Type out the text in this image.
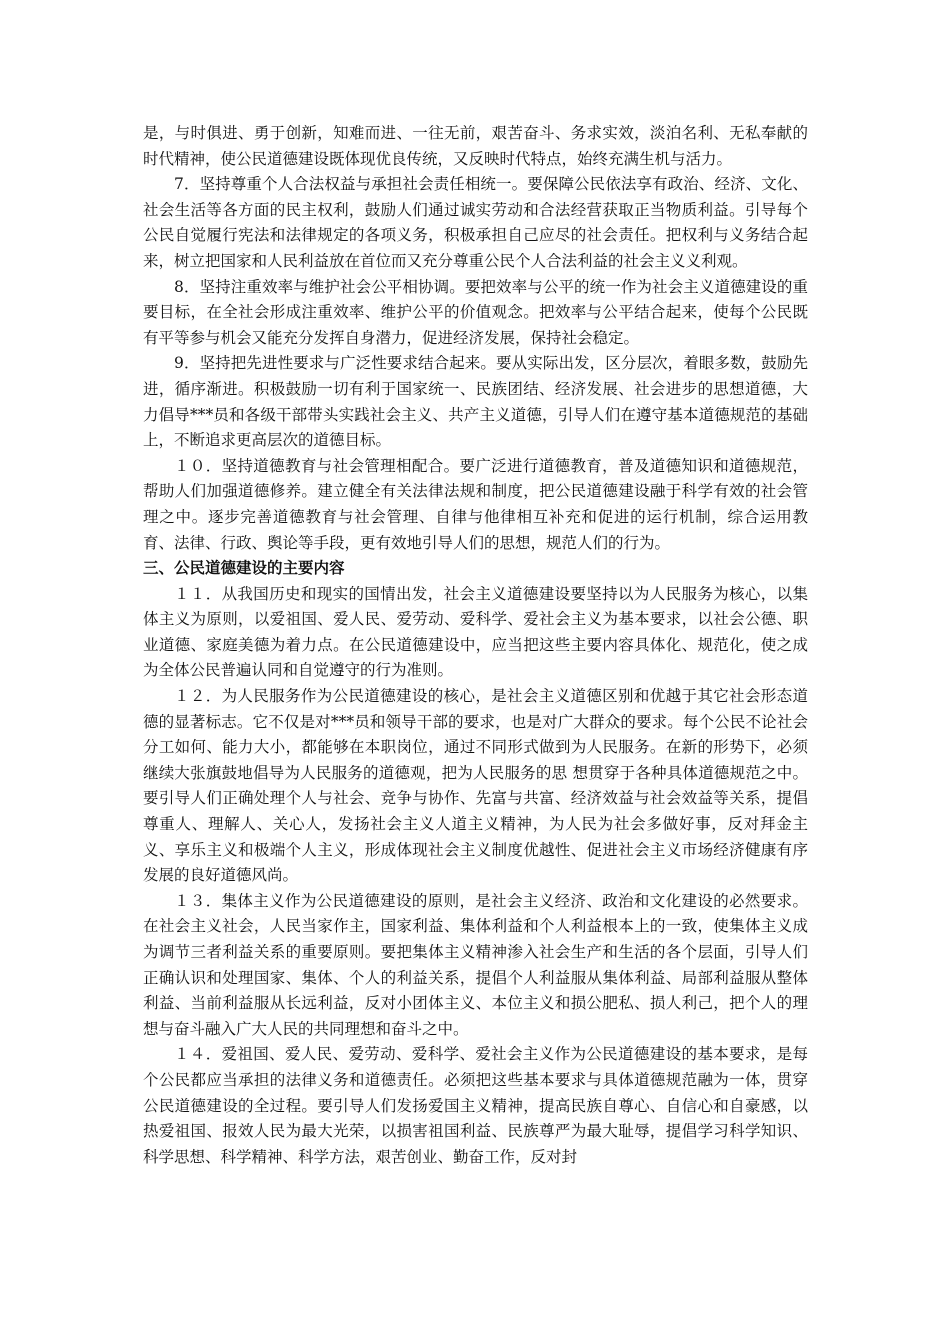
是，与时俱进、勇于创新，知难而进、一往无前，艰苦奋斗、务求实效，淡泊名利、无私奉献的时代精神，使公民道德建设既体现优良传统，又反映时代特点，始终充满生机与活力。

7．坚持尊重个人合法权益与承担社会责任相统一。要保障公民依法享有政治、经济、文化、社会生活等各方面的民主权利，鼓励人们通过诚实劳动和合法经营获取正当物质利益。引导每个公民自觉履行宪法和法律规定的各项义务，积极承担自己应尽的社会责任。把权利与义务结合起来，树立把国家和人民利益放在首位而又充分尊重公民个人合法利益的社会主义义利观。

8．坚持注重效率与维护社会公平相协调。要把效率与公平的统一作为社会主义道德建设的重要目标，在全社会形成注重效率、维护公平的价值观念。把效率与公平结合起来，使每个公民既有平等参与机会又能充分发挥自身潜力，促进经济发展，保持社会稳定。

9．坚持把先进性要求与广泛性要求结合起来。要从实际出发，区分层次，着眼多数，鼓励先进，循序渐进。积极鼓励一切有利于国家统一、民族团结、经济发展、社会进步的思想道德，大力倡导***员和各级干部带头实践社会主义、共产主义道德，引导人们在遵守基本道德规范的基础上，不断追求更高层次的道德目标。

１０．坚持道德教育与社会管理相配合。要广泛进行道德教育，普及道德知识和道德规范，帮助人们加强道德修养。建立健全有关法律法规和制度，把公民道德建设融于科学有效的社会管理之中。逐步完善道德教育与社会管理、自律与他律相互补充和促进的运行机制，综合运用教育、法律、行政、舆论等手段，更有效地引导人们的思想，规范人们的行为。

三、公民道德建设的主要内容

１１．从我国历史和现实的国情出发，社会主义道德建设要坚持以为人民服务为核心，以集体主义为原则，以爱祖国、爱人民、爱劳动、爱科学、爱社会主义为基本要求，以社会公德、职业道德、家庭美德为着力点。在公民道德建设中，应当把这些主要内容具体化、规范化，使之成为全体公民普遍认同和自觉遵守的行为准则。

１２．为人民服务作为公民道德建设的核心，是社会主义道德区别和优越于其它社会形态道德的显著标志。它不仅是对***员和领导干部的要求，也是对广大群众的要求。每个公民不论社会分工如何、能力大小，都能够在本职岗位，通过不同形式做到为人民服务。在新的形势下，必须继续大张旗鼓地倡导为人民服务的道德观，把为人民服务的思 想贯穿于各种具体道德规范之中。要引导人们正确处理个人与社会、竞争与协作、先富与共富、经济效益与社会效益等关系，提倡尊重人、理解人、关心人，发扬社会主义人道主义精神，为人民为社会多做好事，反对拜金主义、享乐主义和极端个人主义，形成体现社会主义制度优越性、促进社会主义市场经济健康有序发展的良好道德风尚。

１３．集体主义作为公民道德建设的原则，是社会主义经济、政治和文化建设的必然要求。在社会主义社会，人民当家作主，国家利益、集体利益和个人利益根本上的一致，使集体主义成为调节三者利益关系的重要原则。要把集体主义精神渗入社会生产和生活的各个层面，引导人们正确认识和处理国家、集体、个人的利益关系，提倡个人利益服从集体利益、局部利益服从整体利益、当前利益服从长远利益，反对小团体主义、本位主义和损公肥私、损人利己，把个人的理想与奋斗融入广大人民的共同理想和奋斗之中。

１４．爱祖国、爱人民、爱劳动、爱科学、爱社会主义作为公民道德建设的基本要求，是每个公民都应当承担的法律义务和道德责任。必须把这些基本要求与具体道德规范融为一体，贯穿公民道德建设的全过程。要引导人们发扬爱国主义精神，提高民族自尊心、自信心和自豪感，以热爱祖国、报效人民为最大光荣，以损害祖国利益、民族尊严为最大耻辱，提倡学习科学知识、科学思想、科学精神、科学方法，艰苦创业、勤奋工作，反对封
